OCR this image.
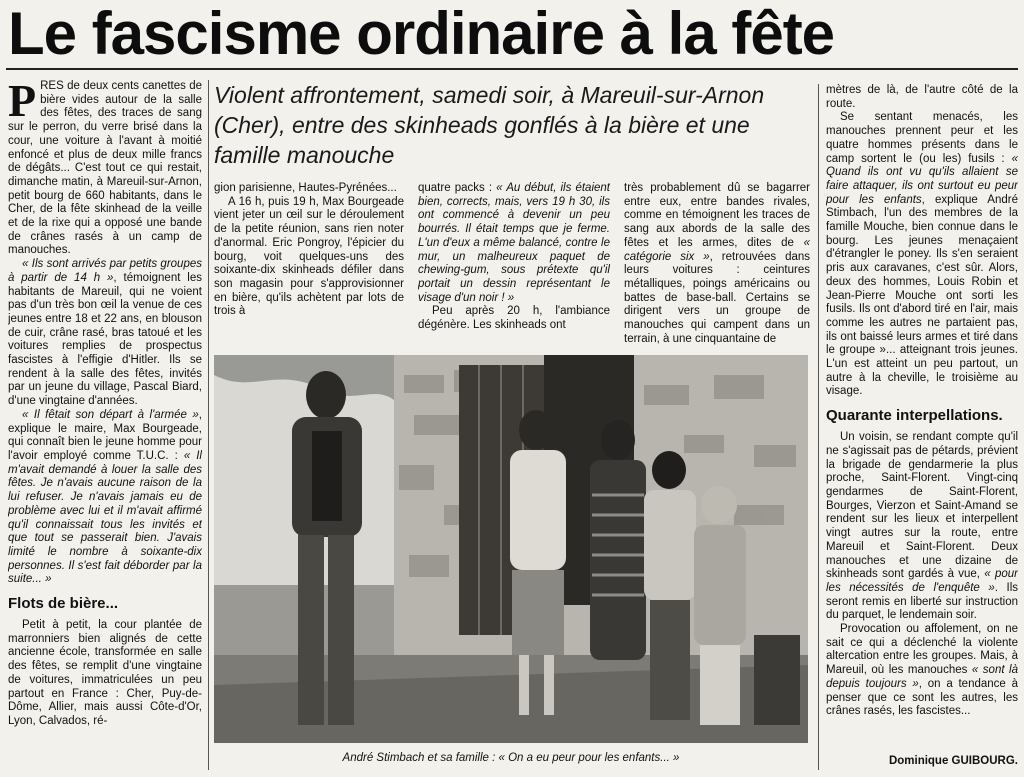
Le fascisme ordinaire à la fête

PRES de deux cents canettes de bière vides autour de la salle des fêtes, des traces de sang sur le perron, du verre brisé dans la cour, une voiture à l'avant à moitié enfoncé et plus de deux mille francs de dégâts... C'est tout ce qui restait, dimanche matin, à Mareuil-sur-Arnon, petit bourg de 660 habitants, dans le Cher, de la fête skinhead de la veille et de la rixe qui a opposé une bande de crânes rasés à un camp de manouches.

« Ils sont arrivés par petits groupes à partir de 14 h », témoignent les habitants de Mareuil, qui ne voient pas d'un très bon œil la venue de ces jeunes entre 18 et 22 ans, en blouson de cuir, crâne rasé, bras tatoué et les voitures remplies de prospectus fascistes à l'effigie d'Hitler. Ils se rendent à la salle des fêtes, invités par un jeune du village, Pascal Biard, d'une vingtaine d'années.

« Il fêtait son départ à l'armée », explique le maire, Max Bourgeade, qui connaît bien le jeune homme pour l'avoir employé comme T.U.C. : « Il m'avait demandé à louer la salle des fêtes. Je n'avais aucune raison de la lui refuser. Je n'avais jamais eu de problème avec lui et il m'avait affirmé qu'il connaissait tous les invités et que tout se passerait bien. J'avais limité le nombre à soixante-dix personnes. Il s'est fait déborder par la suite... »

Flots de bière...

Petit à petit, la cour plantée de marronniers bien alignés de cette ancienne école, transformée en salle des fêtes, se remplit d'une vingtaine de voitures, immatriculées un peu partout en France : Cher, Puy-de-Dôme, Allier, mais aussi Côte-d'Or, Lyon, Calvados, ré-

Violent affrontement, samedi soir, à Mareuil-sur-Arnon (Cher), entre des skinheads gonflés à la bière et une famille manouche

gion parisienne, Hautes-Pyrénées...

A 16 h, puis 19 h, Max Bourgeade vient jeter un œil sur le déroulement de la petite réunion, sans rien noter d'anormal. Eric Pongroy, l'épicier du bourg, voit quelques-uns des soixante-dix skinheads défiler dans son magasin pour s'approvisionner en bière, qu'ils achètent par lots de trois à

quatre packs : « Au début, ils étaient bien, corrects, mais, vers 19 h 30, ils ont commencé à devenir un peu bourrés. Il était temps que je ferme. L'un d'eux a même balancé, contre le mur, un malheureux paquet de chewing-gum, sous prétexte qu'il portait un dessin représentant le visage d'un noir ! »

Peu après 20 h, l'ambiance dégénère. Les skinheads ont

très probablement dû se bagarrer entre eux, entre bandes rivales, comme en témoignent les traces de sang aux abords de la salle des fêtes et les armes, dites de « catégorie six », retrouvées dans leurs voitures : ceintures métalliques, poings américains ou battes de base-ball. Certains se dirigent vers un groupe de manouches qui campent dans un terrain, à une cinquantaine de

mètres de là, de l'autre côté de la route.

Se sentant menacés, les manouches prennent peur et les quatre hommes présents dans le camp sortent le (ou les) fusils : « Quand ils ont vu qu'ils allaient se faire attaquer, ils ont surtout eu peur pour les enfants, explique André Stimbach, l'un des membres de la famille Mouche, bien connue dans le bourg. Les jeunes menaçaient d'étrangler le poney. Ils s'en seraient pris aux caravanes, c'est sûr. Alors, deux des hommes, Louis Robin et Jean-Pierre Mouche ont sorti les fusils. Ils ont d'abord tiré en l'air, mais comme les autres ne partaient pas, ils ont baissé leurs armes et tiré dans le groupe »... atteignant trois jeunes. L'un est atteint un peu partout, un autre à la cheville, le troisième au visage.

Quarante interpellations.

Un voisin, se rendant compte qu'il ne s'agissait pas de pétards, prévient la brigade de gendarmerie la plus proche, Saint-Florent. Vingt-cinq gendarmes de Saint-Florent, Bourges, Vierzon et Saint-Amand se rendent sur les lieux et interpellent vingt autres sur la route, entre Mareuil et Saint-Florent. Deux manouches et une dizaine de skinheads sont gardés à vue, « pour les nécessités de l'enquête ». Ils seront remis en liberté sur instruction du parquet, le lendemain soir.

Provocation ou affolement, on ne sait ce qui a déclenché la violente altercation entre les groupes. Mais, à Mareuil, où les manouches « sont là depuis toujours », on a tendance à penser que ce sont les autres, les crânes rasés, les fascistes...

André Stimbach et sa famille : « On a eu peur pour les enfants... »	Dominique GUIBOURG.
